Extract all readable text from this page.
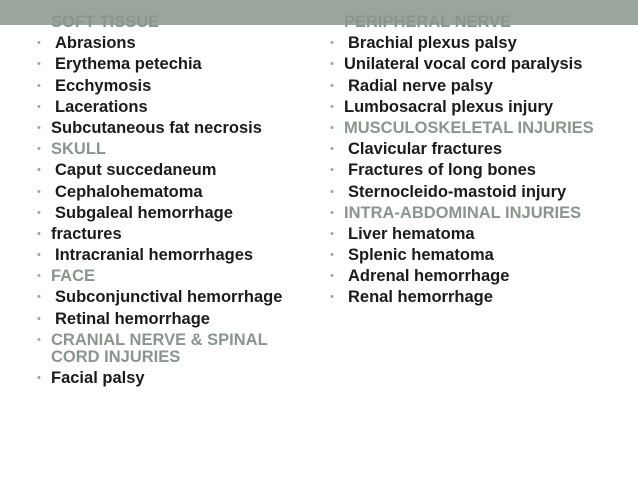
• SOFT TISSUE
• Abrasions
• Erythema petechia
• Ecchymosis
• Lacerations
• Subcutaneous fat necrosis
• SKULL
• Caput succedaneum
• Cephalohematoma
• Subgaleal hemorrhage
• fractures
• Intracranial hemorrhages
• FACE
• Subconjunctival hemorrhage
• Retinal hemorrhage
• CRANIAL NERVE & SPINAL CORD INJURIES
• Facial palsy
• PERIPHERAL NERVE
• Brachial plexus palsy
• Unilateral vocal cord paralysis
• Radial nerve palsy
• Lumbosacral plexus injury
• MUSCULOSKELETAL INJURIES
• Clavicular fractures
• Fractures of long bones
• Sternocleido-mastoid injury
• INTRA-ABDOMINAL INJURIES
• Liver hematoma
• Splenic hematoma
• Adrenal hemorrhage
• Renal hemorrhage
